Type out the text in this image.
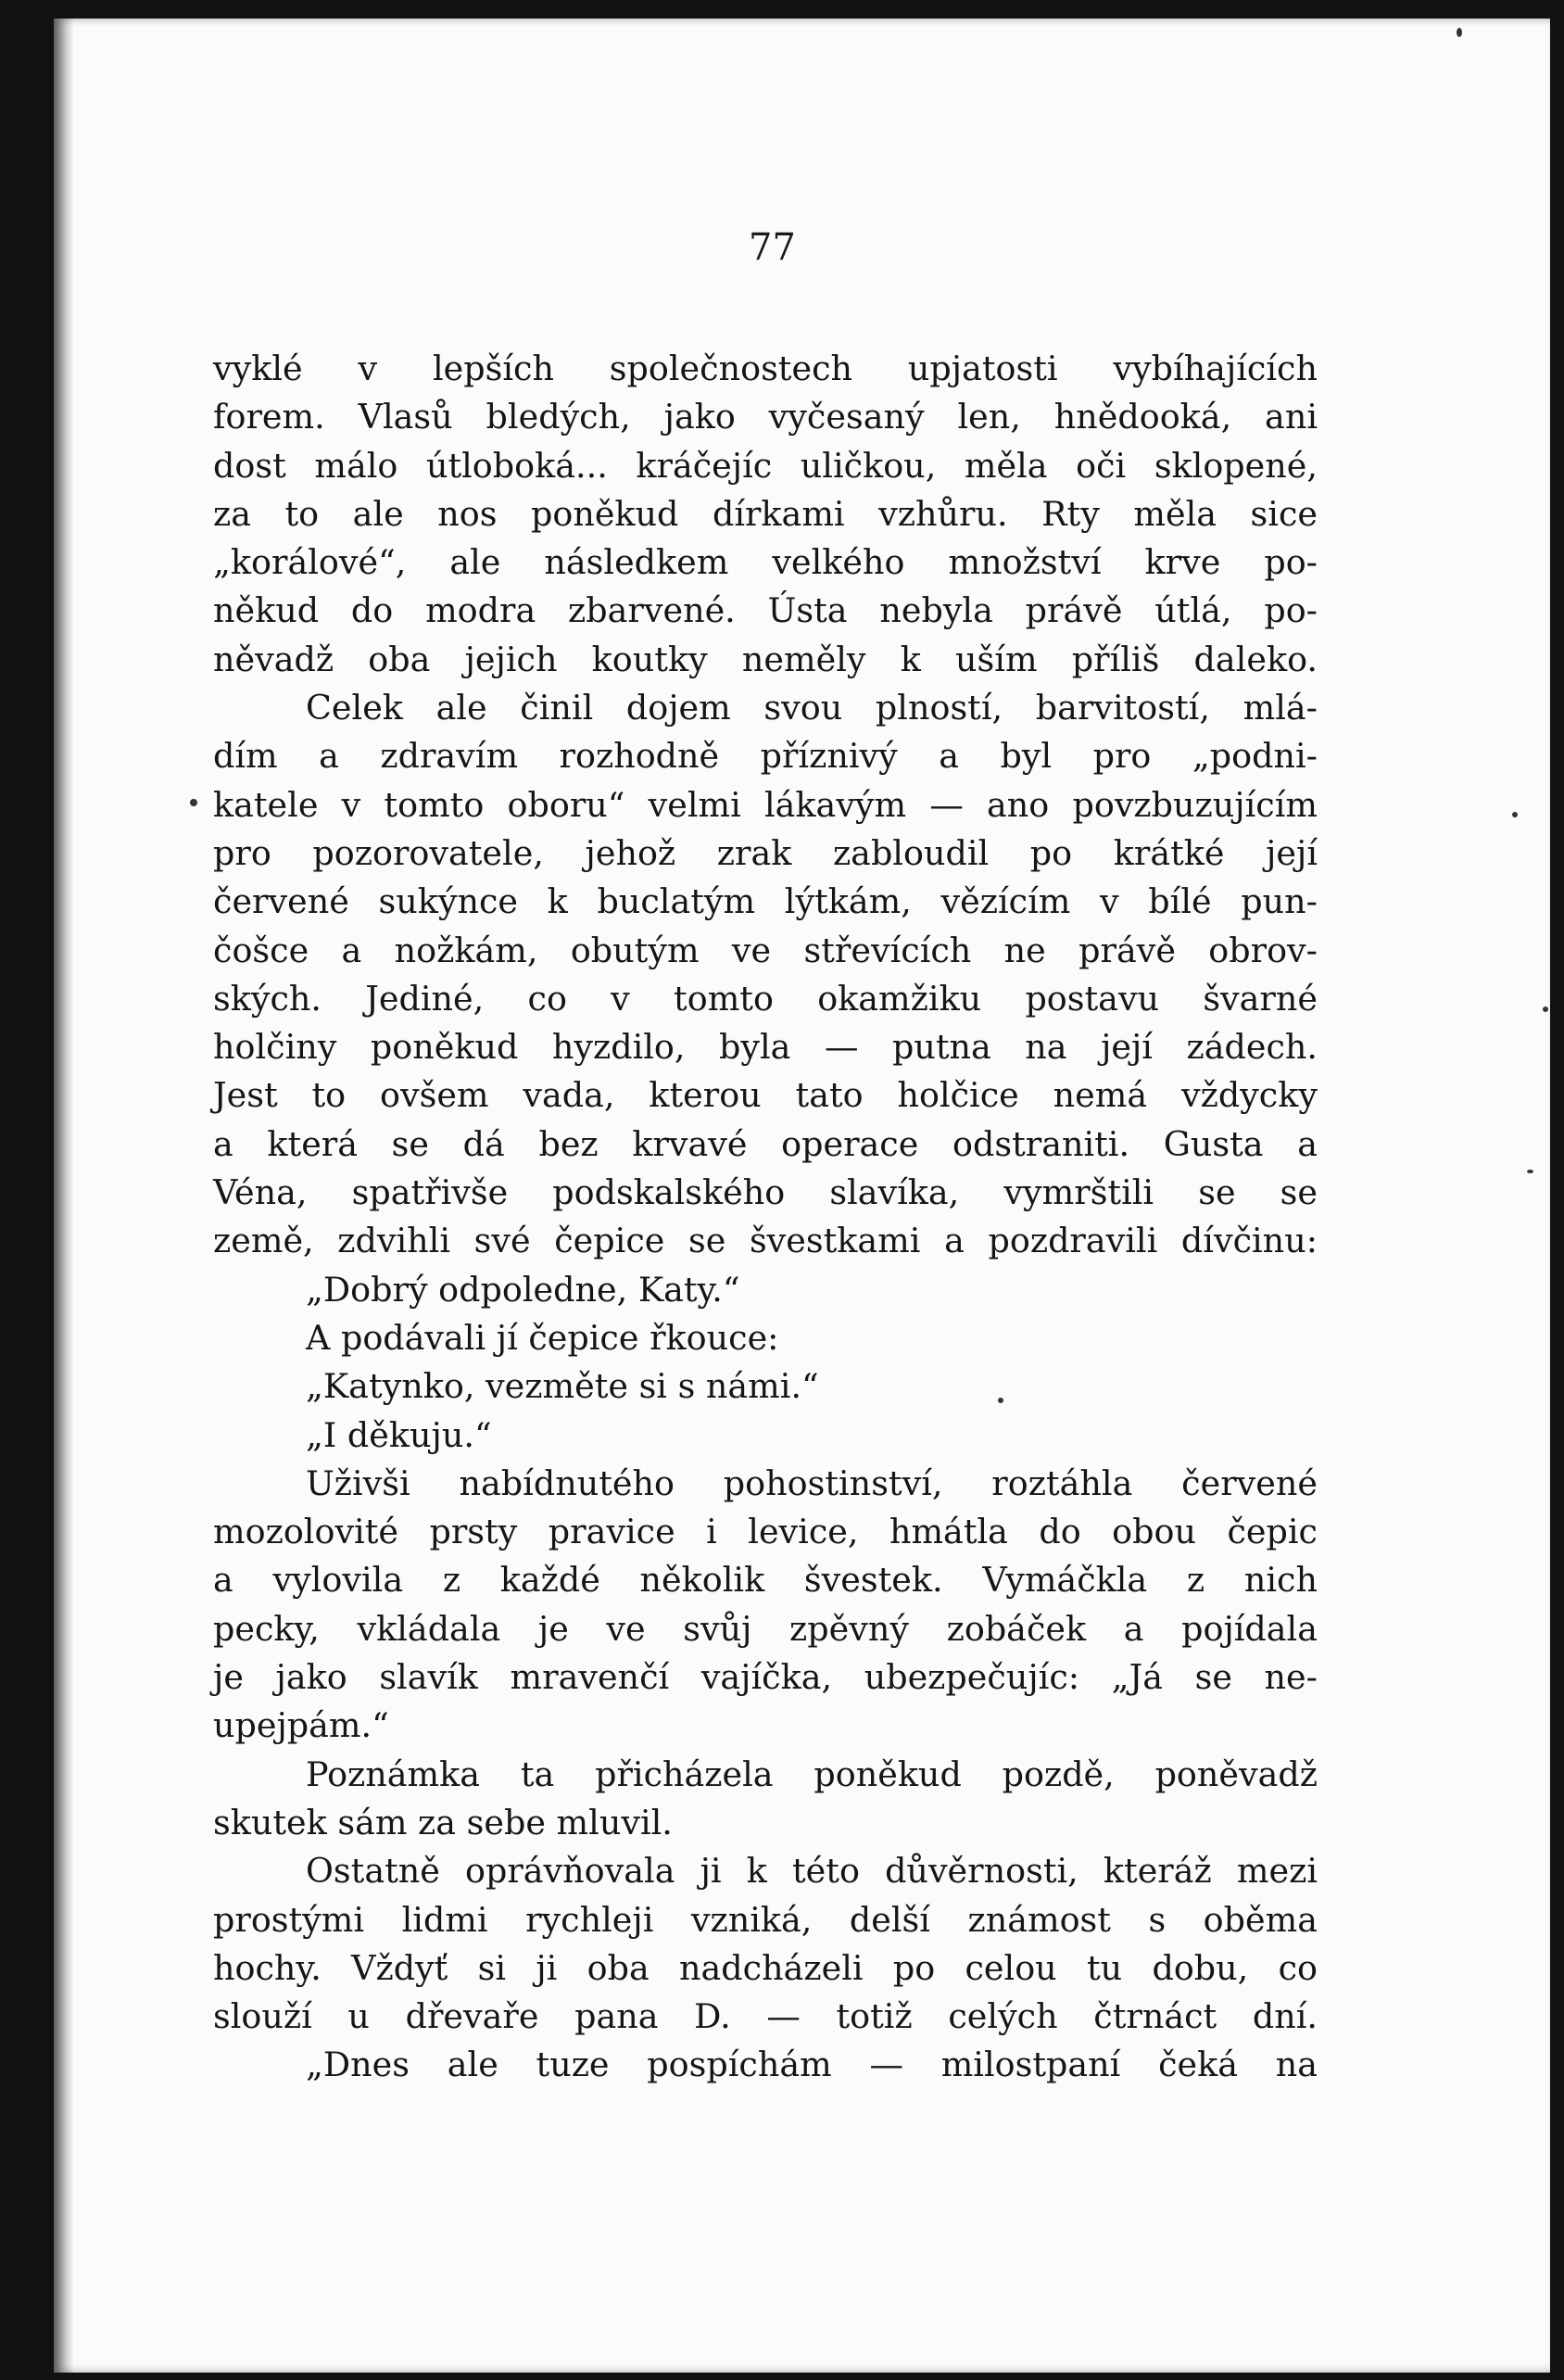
77
vyklé v lepších společnostech upjatosti vybíhajících
forem. Vlasů bledých, jako vyčesaný len, hnědooká, ani
dost málo útloboká... kráčejíc uličkou, měla oči sklopené,
za to ale nos poněkud dírkami vzhůru. Rty měla sice
„korálové“, ale následkem velkého množství krve po-
někud do modra zbarvené. Ústa nebyla právě útlá, po-
něvadž oba jejich koutky neměly k uším příliš daleko.
Celek ale činil dojem svou plností, barvitostí, mlá-
dím a zdravím rozhodně příznivý a byl pro „podni-
katele v tomto oboru“ velmi lákavým — ano povzbuzujícím
pro pozorovatele, jehož zrak zabloudil po krátké její
červené sukýnce k buclatým lýtkám, vězícím v bílé pun-
čošce a nožkám, obutým ve střevících ne právě obrov-
ských. Jediné, co v tomto okamžiku postavu švarné
holčiny poněkud hyzdilo, byla — putna na její zádech.
Jest to ovšem vada, kterou tato holčice nemá vždycky
a která se dá bez krvavé operace odstraniti. Gusta a
Véna, spatřivše podskalského slavíka, vymrštili se se
země, zdvihli své čepice se švestkami a pozdravili dívčinu:
„Dobrý odpoledne, Katy.“
A podávali jí čepice řkouce:
„Katynko, vezměte si s námi.“
„I děkuju.“
Uživši nabídnutého pohostinství, roztáhla červené
mozolovité prsty pravice i levice, hmátla do obou čepic
a vylovila z každé několik švestek. Vymáčkla z nich
pecky, vkládala je ve svůj zpěvný zobáček a pojídala
je jako slavík mravenčí vajíčka, ubezpečujíc: „Já se ne-
upejpám.“
Poznámka ta přicházela poněkud pozdě, poněvadž
skutek sám za sebe mluvil.
Ostatně oprávňovala ji k této důvěrnosti, kteráž mezi
prostými lidmi rychleji vzniká, delší známost s oběma
hochy. Vždyť si ji oba nadcházeli po celou tu dobu, co
slouží u dřevaře pana D. — totiž celých čtrnáct dní.
„Dnes ale tuze pospíchám — milostpaní čeká na
